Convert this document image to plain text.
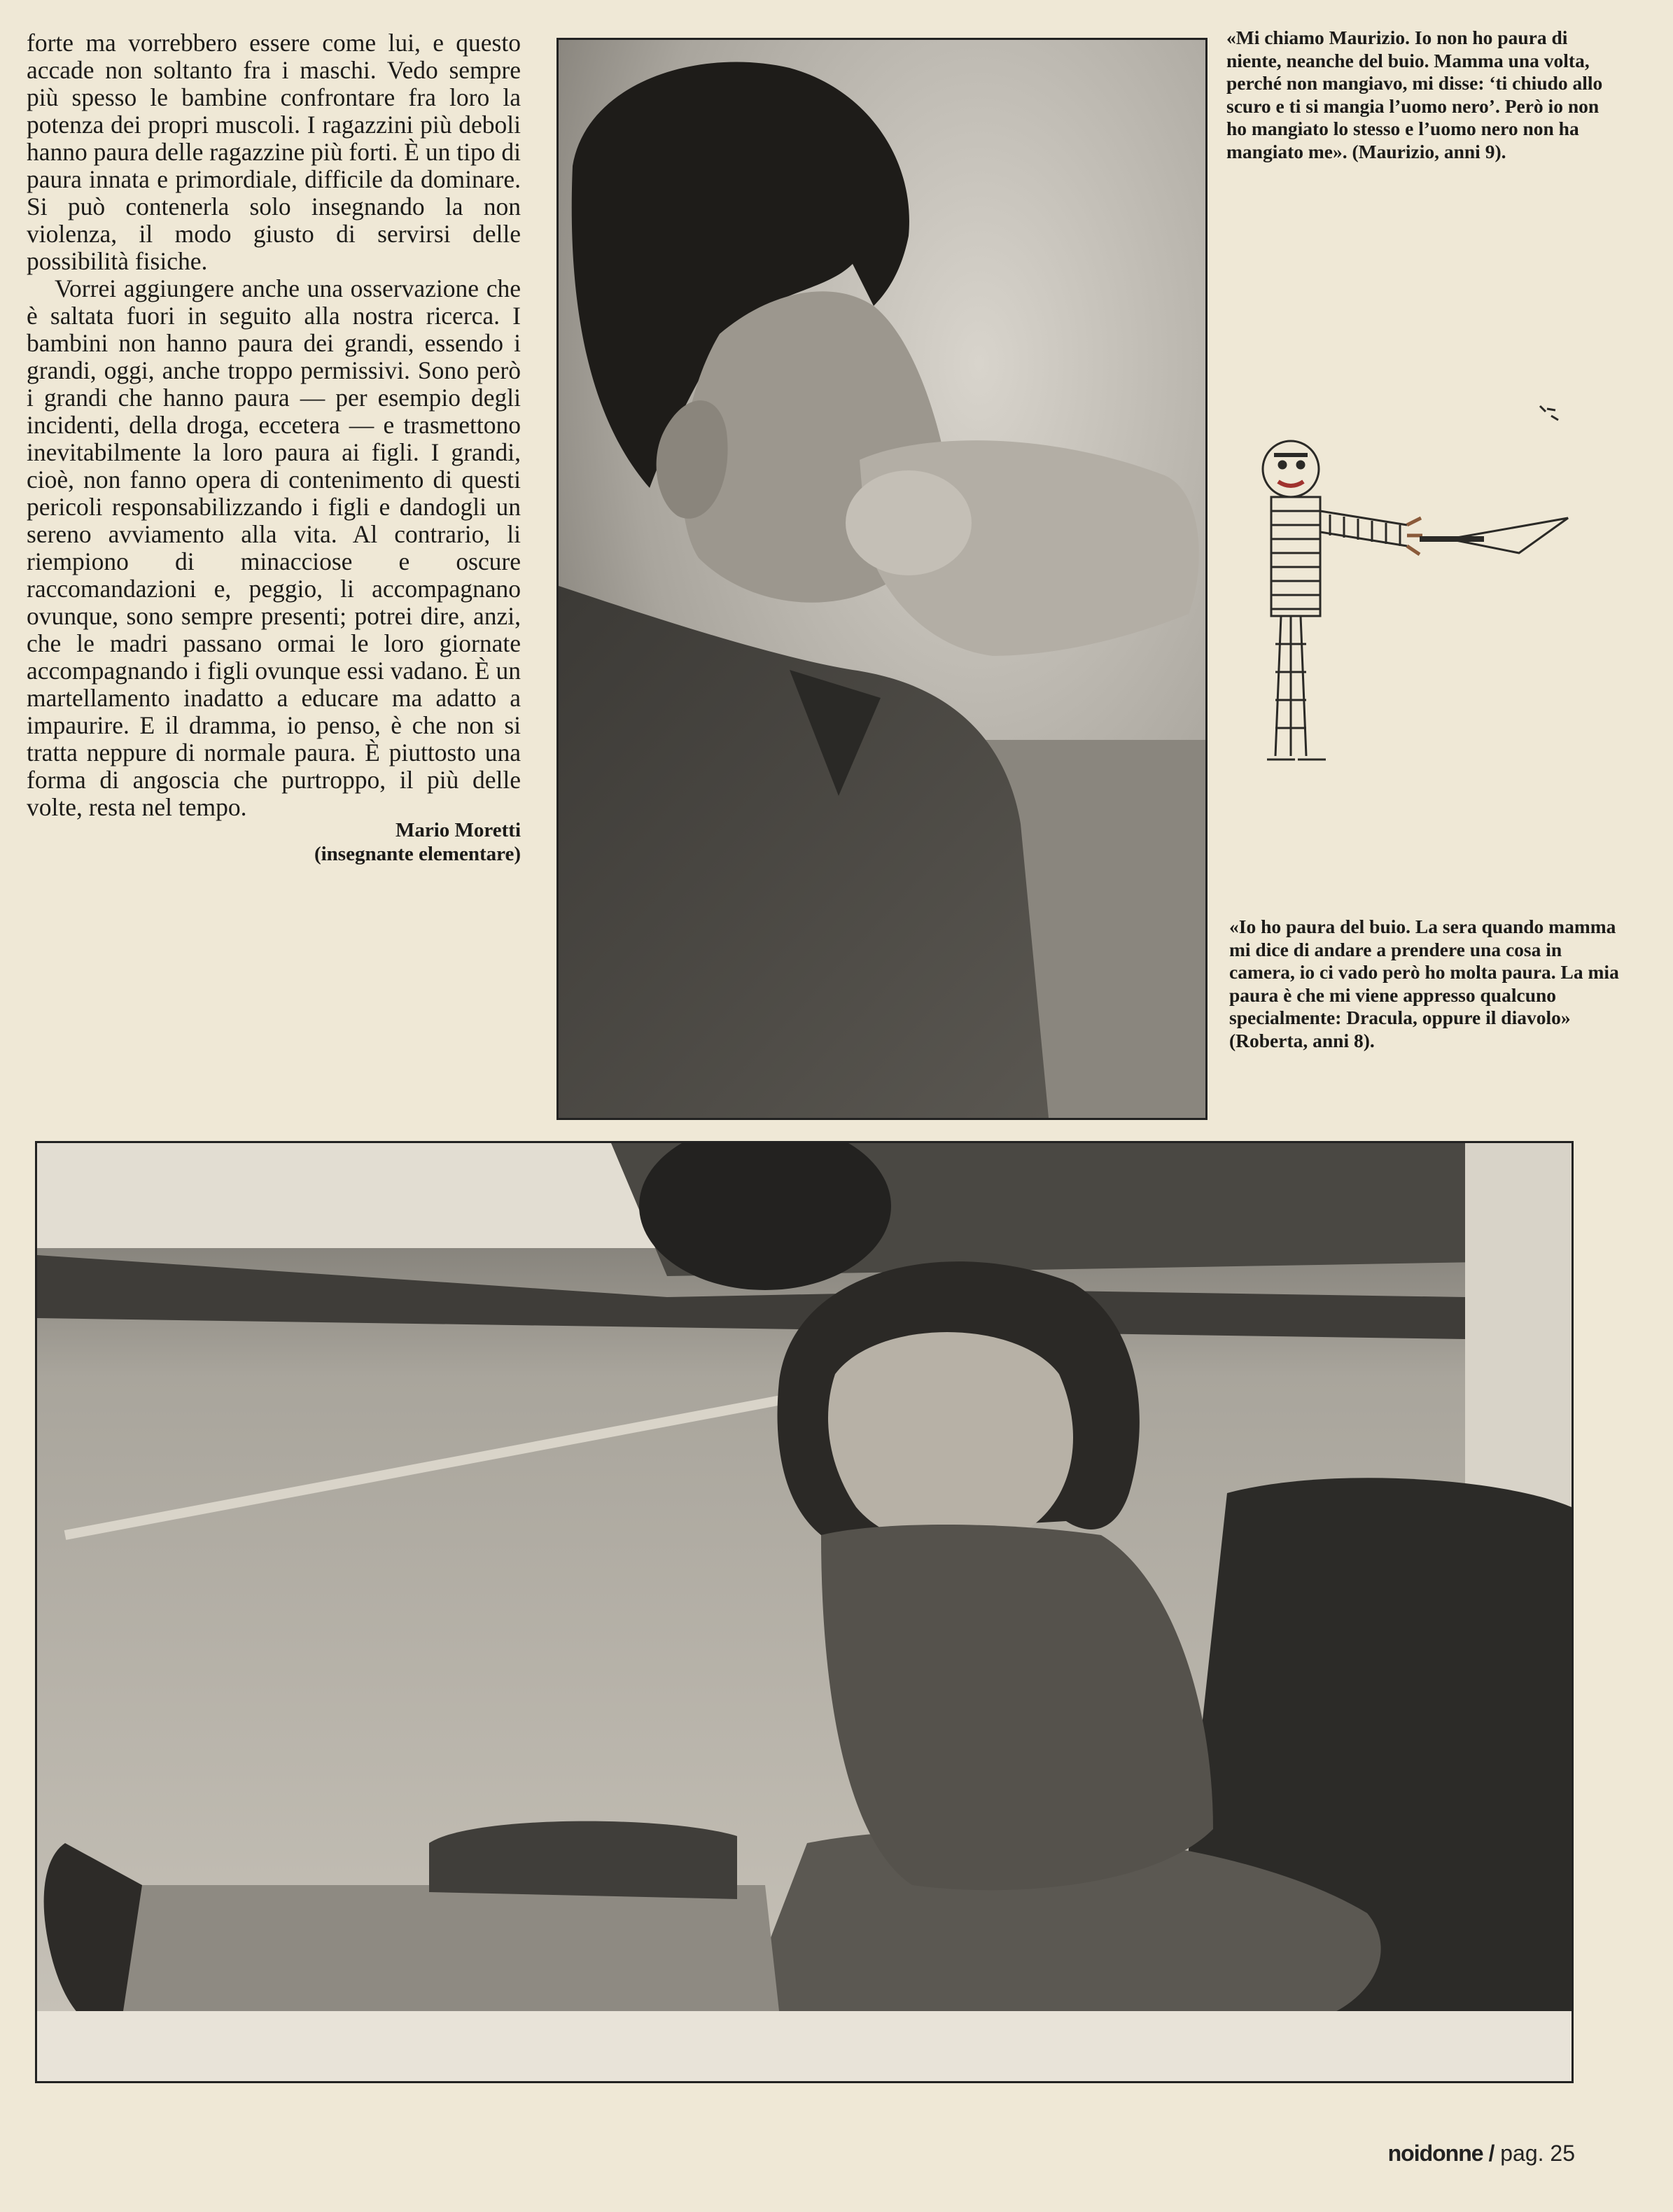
forte ma vorrebbero essere come lui, e questo accade non soltanto fra i maschi. Vedo sempre più spesso le bambine confrontare fra loro la potenza dei propri muscoli. I ragazzini più deboli hanno paura delle ragazzine più forti. È un tipo di paura innata e primordiale, difficile da dominare. Si può contenerla solo insegnando la non violenza, il modo giusto di servirsi delle possibilità fisiche.

Vorrei aggiungere anche una osservazione che è saltata fuori in seguito alla nostra ricerca. I bambini non hanno paura dei grandi, essendo i grandi, oggi, anche troppo permissivi. Sono però i grandi che hanno paura — per esempio degli incidenti, della droga, eccetera — e trasmettono inevitabilmente la loro paura ai figli. I grandi, cioè, non fanno opera di contenimento di questi pericoli responsabilizzando i figli e dandogli un sereno avviamento alla vita. Al contrario, li riempiono di minacciose e oscure raccomandazioni e, peggio, li accompagnano ovunque, sono sempre presenti; potrei dire, anzi, che le madri passano ormai le loro giornate accompagnando i figli ovunque essi vadano. È un martellamento inadatto a educare ma adatto a impaurire. E il dramma, io penso, è che non si tratta neppure di normale paura. È piuttosto una forma di angoscia che purtroppo, il più delle volte, resta nel tempo.

Mario Moretti
(insegnante elementare)
«Mi chiamo Maurizio. Io non ho paura di niente, neanche del buio. Mamma una volta, perché non mangiavo, mi disse: ‘ti chiudo allo scuro e ti si mangia l’uomo nero’. Però io non ho mangiato lo stesso e l’uomo nero non ha mangiato me». (Maurizio, anni 9).
«Io ho paura del buio. La sera quando mamma mi dice di andare a prendere una cosa in camera, io ci vado però ho molta paura. La mia paura è che mi viene appresso qualcuno specialmente: Dracula, oppure il diavolo» (Roberta, anni 8).
noidonne / pag. 25
